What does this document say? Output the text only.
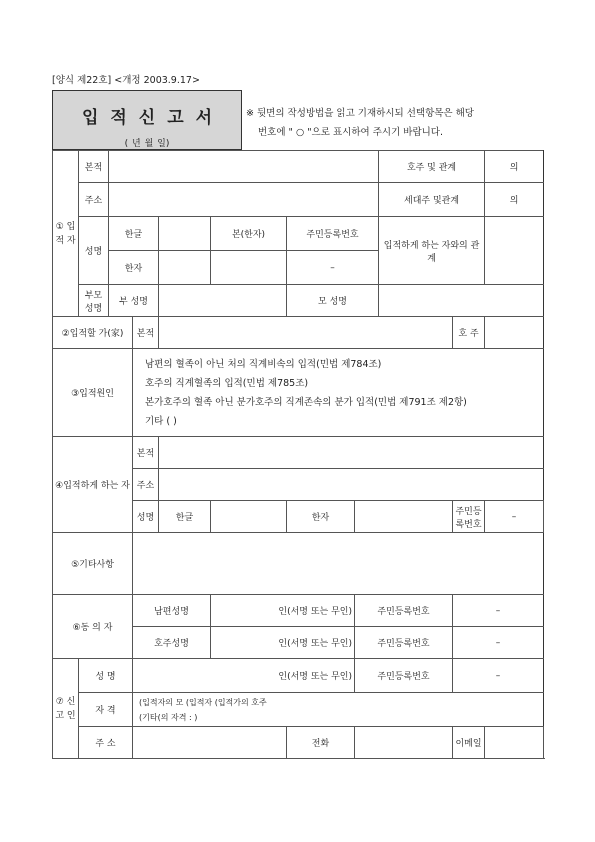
[양식 제22호] <개정 2003.9.17>
입적신고서
( 년 월 일)
※ 뒷면의 작성방법을 읽고 기재하시되 선택항목은 해당
번호에 " ○ "으로 표시하여 주시기 바랍니다.
① 입 적 자	본적							호주 및 관계		의
	주소							세대주 및관계		의
	성명	한글			본(한자)	주민등록번호		입적하게 하는 자와의 관계		
		한자				–				
	부모 성명	부 성명				모 성명				
②입적할 가(家)			본적						호 주	
③입적원인			남편의 혈족이 아닌 처의 직계비속의 입적(민법 제784조)
호주의 직계혈족의 입적(민법 제785조)
본가호주의 혈족 아닌 분가호주의 직계존속의 분가 입적(민법 제791조 제2항)
기타 ( )							

④입적하게 하는 자			본적							
			주소							
			성명	한글		한자			주민등록번호	–
⑤기타사항										
⑥동 의 자			남편성명		인(서명 또는 무인)		주민등록번호		–	
			호주성명		인(서명 또는 무인)		주민등록번호		–	
⑦ 신 고 인	성 명		인(서명 또는 무인)				주민등록번호		–	
	자 격		(입적자의 모 (입적자 (입적가의 호주
(기타(의 자격 : )							

	주 소					전화			이메일	
